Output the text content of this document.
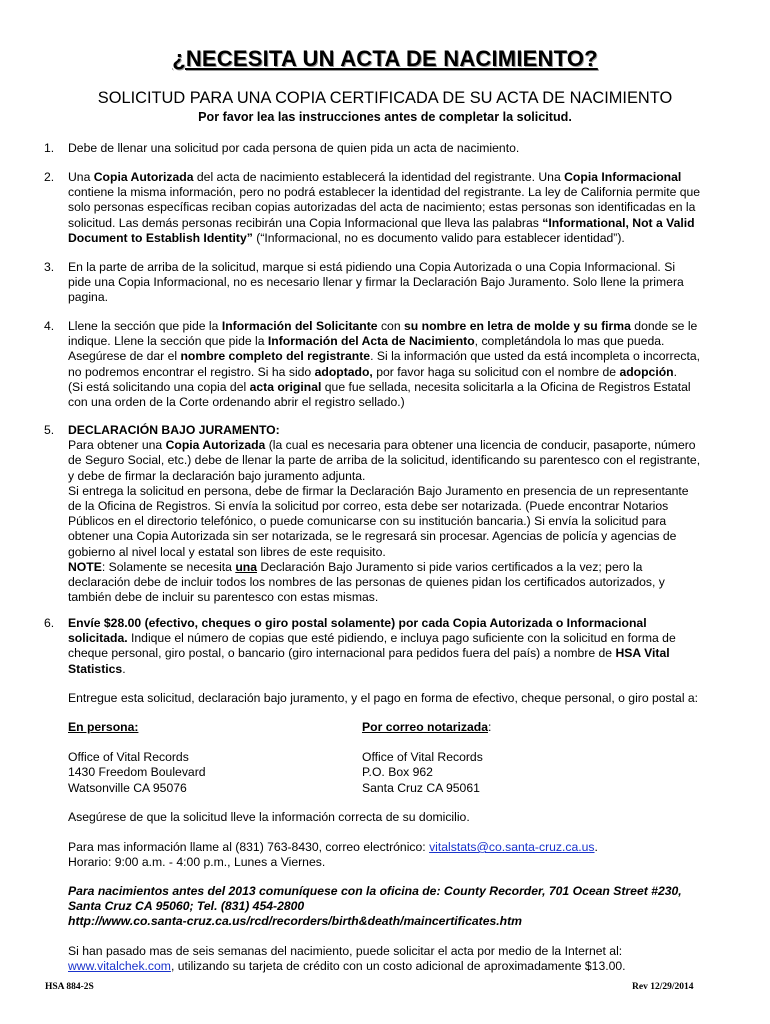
¿NECESITA UN ACTA DE NACIMIENTO?
SOLICITUD PARA UNA COPIA CERTIFICADA DE SU ACTA DE NACIMIENTO
Por favor lea las instrucciones antes de completar la solicitud.
1. Debe de llenar una solicitud por cada persona de quien pida un acta de nacimiento.
2. Una Copia Autorizada del acta de nacimiento establecerá la identidad del registrante. Una Copia Informacional
contiene la misma información, pero no podrá establecer la identidad del registrante. La ley de California permite que
solo personas específicas reciban copias autorizadas del acta de nacimiento; estas personas son identificadas en la
solicitud. Las demás personas recibirán una Copia Informacional que lleva las palabras “Informational, Not a Valid
Document to Establish Identity” (“Informacional, no es documento valido para establecer identidad”).
3. En la parte de arriba de la solicitud, marque si está pidiendo una Copia Autorizada o una Copia Informacional. Si
pide una Copia Informacional, no es necesario llenar y firmar la Declaración Bajo Juramento. Solo llene la primera
pagina.
4. Llene la sección que pide la Información del Solicitante con su nombre en letra de molde y su firma donde se le
indique. Llene la sección que pide la Información del Acta de Nacimiento, completándola lo mas que pueda.
Asegúrese de dar el nombre completo del registrante. Si la información que usted da está incompleta o incorrecta,
no podremos encontrar el registro. Si ha sido adoptado, por favor haga su solicitud con el nombre de adopción.
(Si está solicitando una copia del acta original que fue sellada, necesita solicitarla a la Oficina de Registros Estatal
con una orden de la Corte ordenando abrir el registro sellado.)
5. DECLARACIÓN BAJO JURAMENTO:
Para obtener una Copia Autorizada (la cual es necesaria para obtener una licencia de conducir, pasaporte, número
de Seguro Social, etc.) debe de llenar la parte de arriba de la solicitud, identificando su parentesco con el registrante,
y debe de firmar la declaración bajo juramento adjunta.
Si entrega la solicitud en persona, debe de firmar la Declaración Bajo Juramento en presencia de un representante
de la Oficina de Registros. Si envía la solicitud por correo, esta debe ser notarizada. (Puede encontrar Notarios
Públicos en el directorio telefónico, o puede comunicarse con su institución bancaria.) Si envía la solicitud para
obtener una Copia Autorizada sin ser notarizada, se le regresará sin procesar. Agencias de policía y agencias de
gobierno al nivel local y estatal son libres de este requisito.
NOTE: Solamente se necesita una Declaración Bajo Juramento si pide varios certificados a la vez; pero la
declaración debe de incluir todos los nombres de las personas de quienes pidan los certificados autorizados, y
también debe de incluir su parentesco con estas mismas.
6. Envíe $28.00 (efectivo, cheques o giro postal solamente) por cada Copia Autorizada o Informacional
solicitada. Indique el número de copias que esté pidiendo, e incluya pago suficiente con la solicitud en forma de
cheque personal, giro postal, o bancario (giro internacional para pedidos fuera del país) a nombre de HSA Vital
Statistics.
Entregue esta solicitud, declaración bajo juramento, y el pago en forma de efectivo, cheque personal, o giro postal a:
En persona:
Office of Vital Records
1430 Freedom Boulevard
Watsonville CA 95076
Por correo notarizada:
Office of Vital Records
P.O. Box 962
Santa Cruz CA 95061
Asegúrese de que la solicitud lleve la información correcta de su domicilio.
Para mas información llame al (831) 763-8430, correo electrónico: vitalstats@co.santa-cruz.ca.us.
Horario: 9:00 a.m. - 4:00 p.m., Lunes a Viernes.
Para nacimientos antes del 2013 comuníquese con la oficina de: County Recorder, 701 Ocean Street #230,
Santa Cruz CA 95060; Tel. (831) 454-2800
http://www.co.santa-cruz.ca.us/rcd/recorders/birth&death/maincertificates.htm
Si han pasado mas de seis semanas del nacimiento, puede solicitar el acta por medio de la Internet al:
www.vitalchek.com, utilizando su tarjeta de crédito con un costo adicional de aproximadamente $13.00.
HSA 884-2S	Rev 12/29/2014
